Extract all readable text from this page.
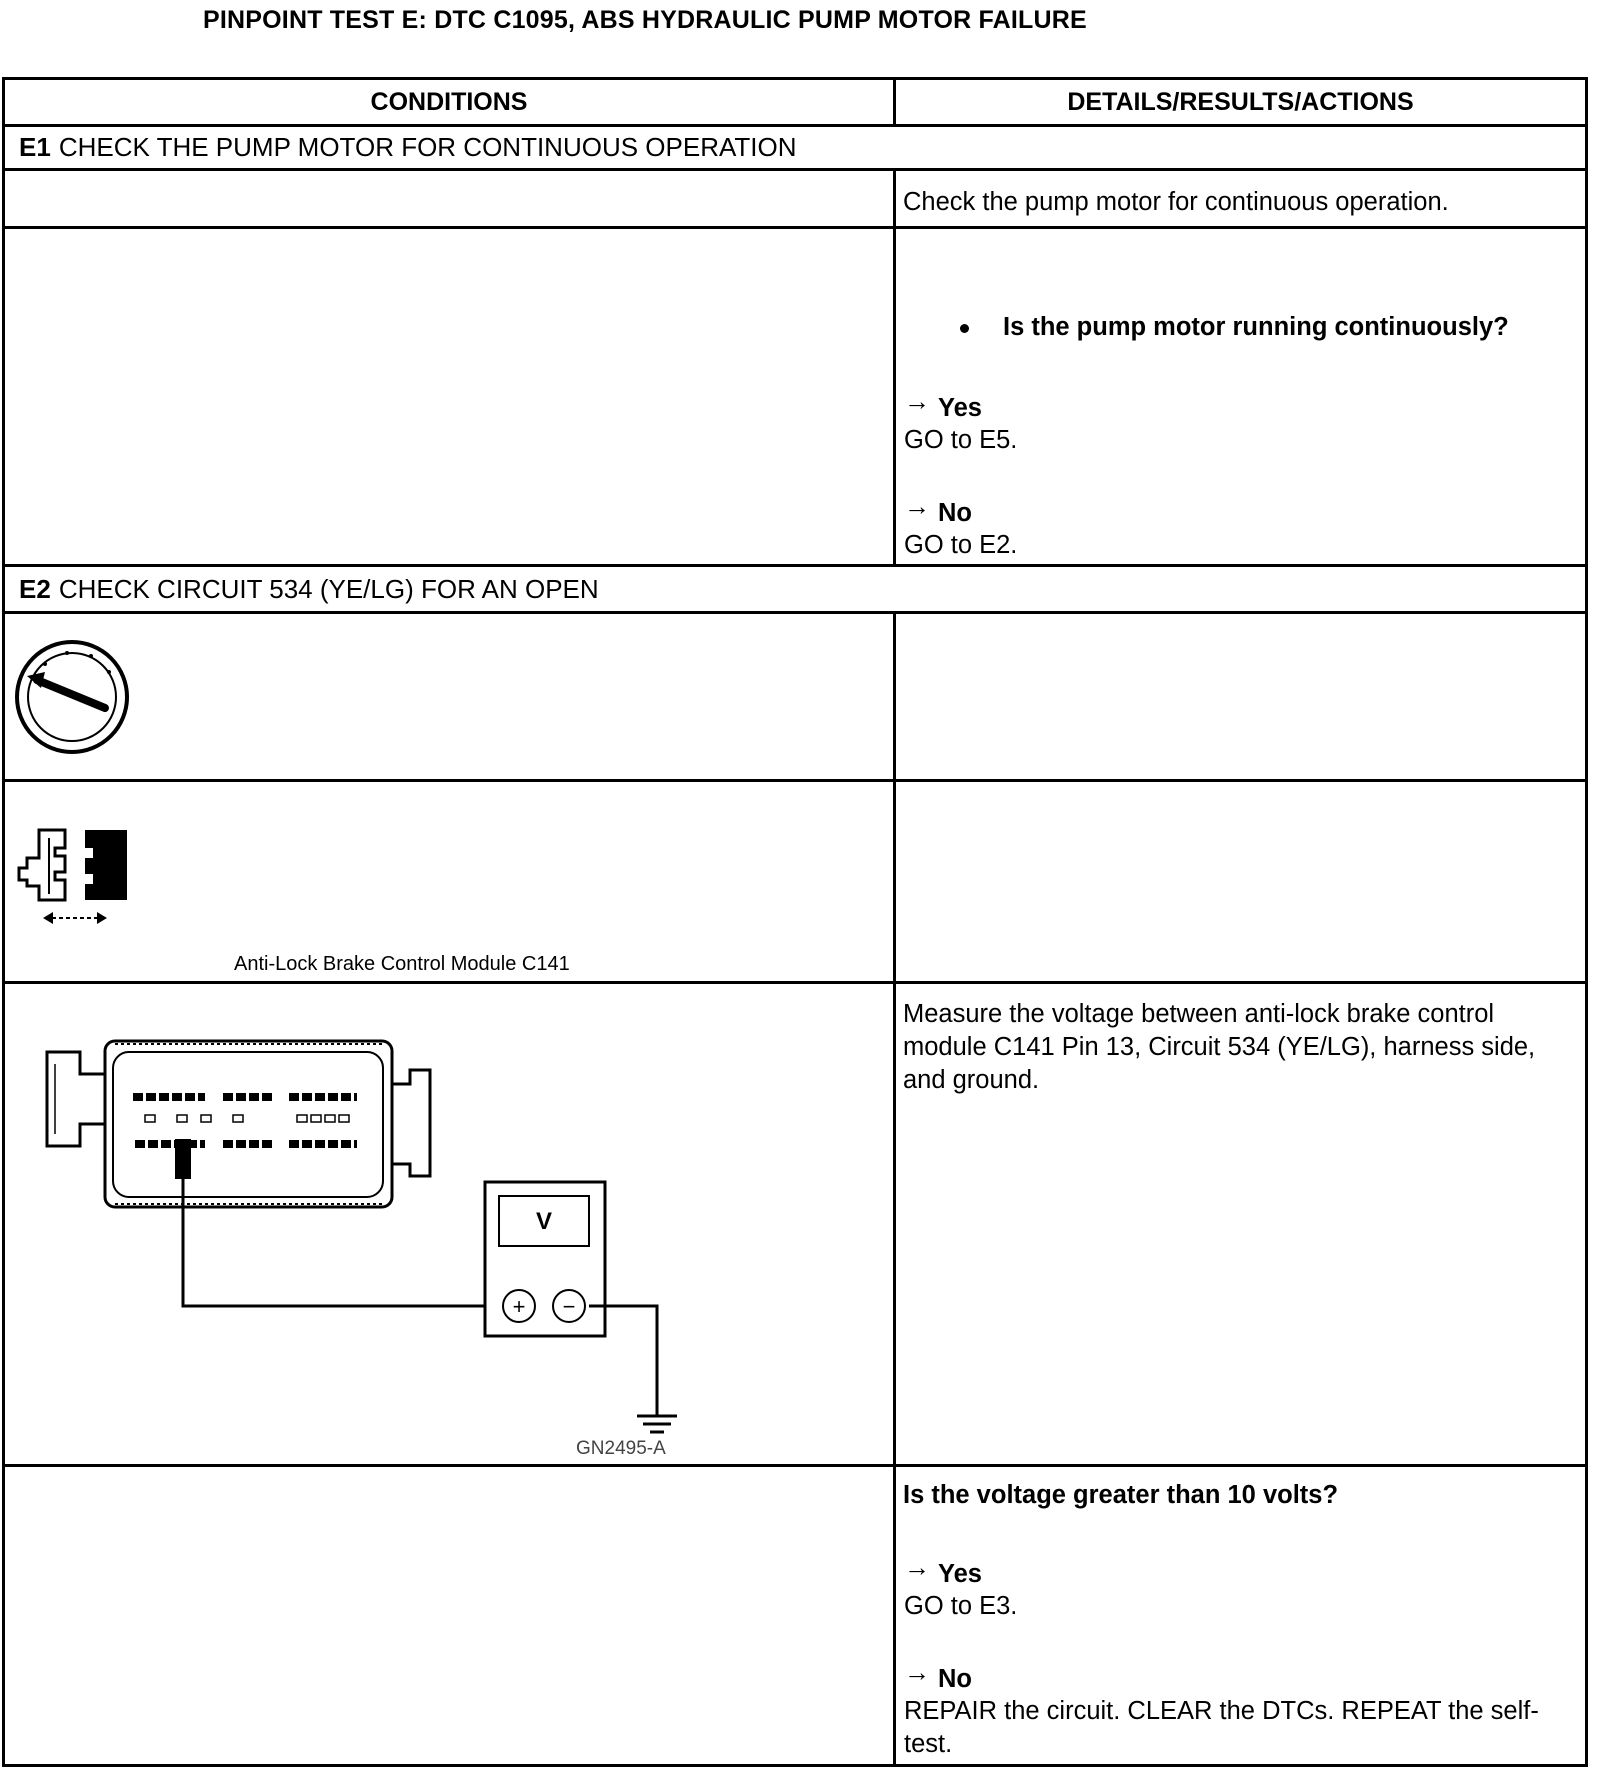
PINPOINT TEST E: DTC C1095, ABS HYDRAULIC PUMP MOTOR FAILURE
CONDITIONS	DETAILS/RESULTS/ACTIONS
E1 CHECK THE PUMP MOTOR FOR CONTINUOUS OPERATION
Check the pump motor for continuous operation.
Is the pump motor running continuously?
→ Yes
GO to E5.
→ No
GO to E2.
E2 CHECK CIRCUIT 534 (YE/LG) FOR AN OPEN
Anti-Lock Brake Control Module C141
V
+ −
GN2495-A
Measure the voltage between anti-lock brake control module C141 Pin 13, Circuit 534 (YE/LG), harness side, and ground.
Is the voltage greater than 10 volts?
→ Yes
GO to E3.
→ No
REPAIR the circuit. CLEAR the DTCs. REPEAT the self-test.
